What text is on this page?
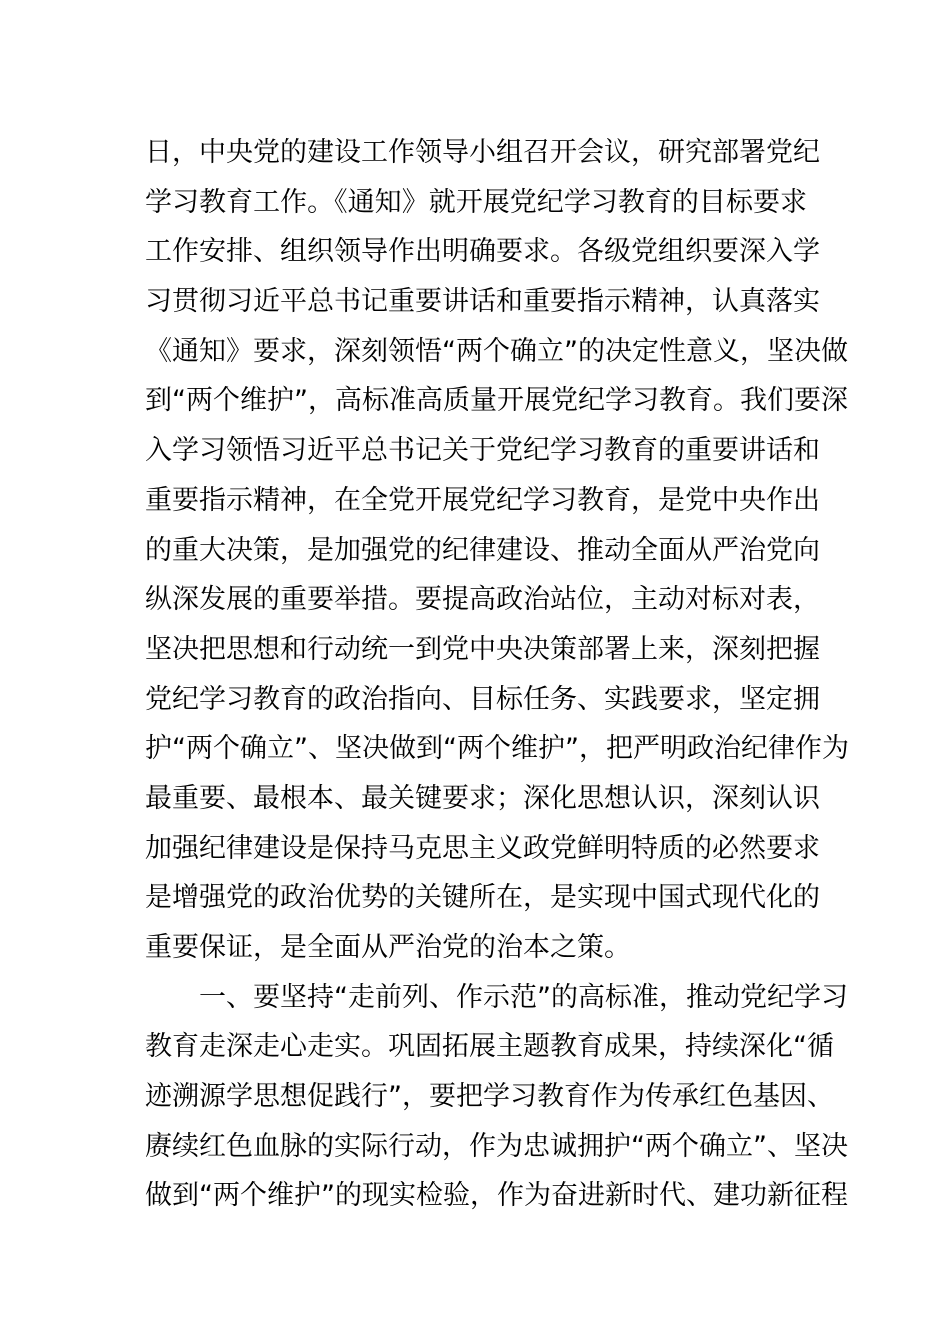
日，中央党的建设工作领导小组召开会议，研究部署党纪
学习教育工作。《通知》就开展党纪学习教育的目标要求
工作安排、组织领导作出明确要求。各级党组织要深入学
习贯彻习近平总书记重要讲话和重要指示精神，认真落实
《通知》要求，深刻领悟“两个确立”的决定性意义，坚决做
到“两个维护”，高标准高质量开展党纪学习教育。我们要深
入学习领悟习近平总书记关于党纪学习教育的重要讲话和
重要指示精神，在全党开展党纪学习教育，是党中央作出
的重大决策，是加强党的纪律建设、推动全面从严治党向
纵深发展的重要举措。要提高政治站位，主动对标对表，
坚决把思想和行动统一到党中央决策部署上来，深刻把握
党纪学习教育的政治指向、目标任务、实践要求，坚定拥
护“两个确立”、坚决做到“两个维护”，把严明政治纪律作为
最重要、最根本、最关键要求；深化思想认识，深刻认识
加强纪律建设是保持马克思主义政党鲜明特质的必然要求
是增强党的政治优势的关键所在，是实现中国式现代化的
重要保证，是全面从严治党的治本之策。
一、要坚持“走前列、作示范”的高标准，推动党纪学习
教育走深走心走实。巩固拓展主题教育成果，持续深化“循
迹溯源学思想促践行”，要把学习教育作为传承红色基因、
赓续红色血脉的实际行动，作为忠诚拥护“两个确立”、坚决
做到“两个维护”的现实检验，作为奋进新时代、建功新征程
